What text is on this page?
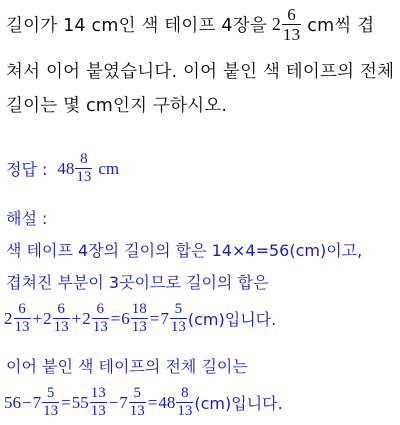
길이가 14 cm인 색 테이프 4장을 $2 \frac{6}{13}$ cm씩 겹
쳐서 이어 붙였습니다. 이어 붙인 색 테이프의 전체
길이는 몇 cm인지 구하시오.
정답 : $48 \frac{8}{13}$ cm
해설 :
색 테이프 4장의 길이의 합은 14×4=56(cm)이고,
겹쳐진 부분이 3곳이므로 길이의 합은
$2 \frac{6}{13} + 2 \frac{6}{13} + 2 \frac{6}{13} = 6 \frac{18}{13} = 7 \frac{5}{13} (cm)$입니다.
이어 붙인 색 테이프의 전체 길이는
$56 - 7 \frac{5}{13} = 55 \frac{13}{13} - 7 \frac{5}{13} = 48 \frac{8}{13} (cm)$입니다.
